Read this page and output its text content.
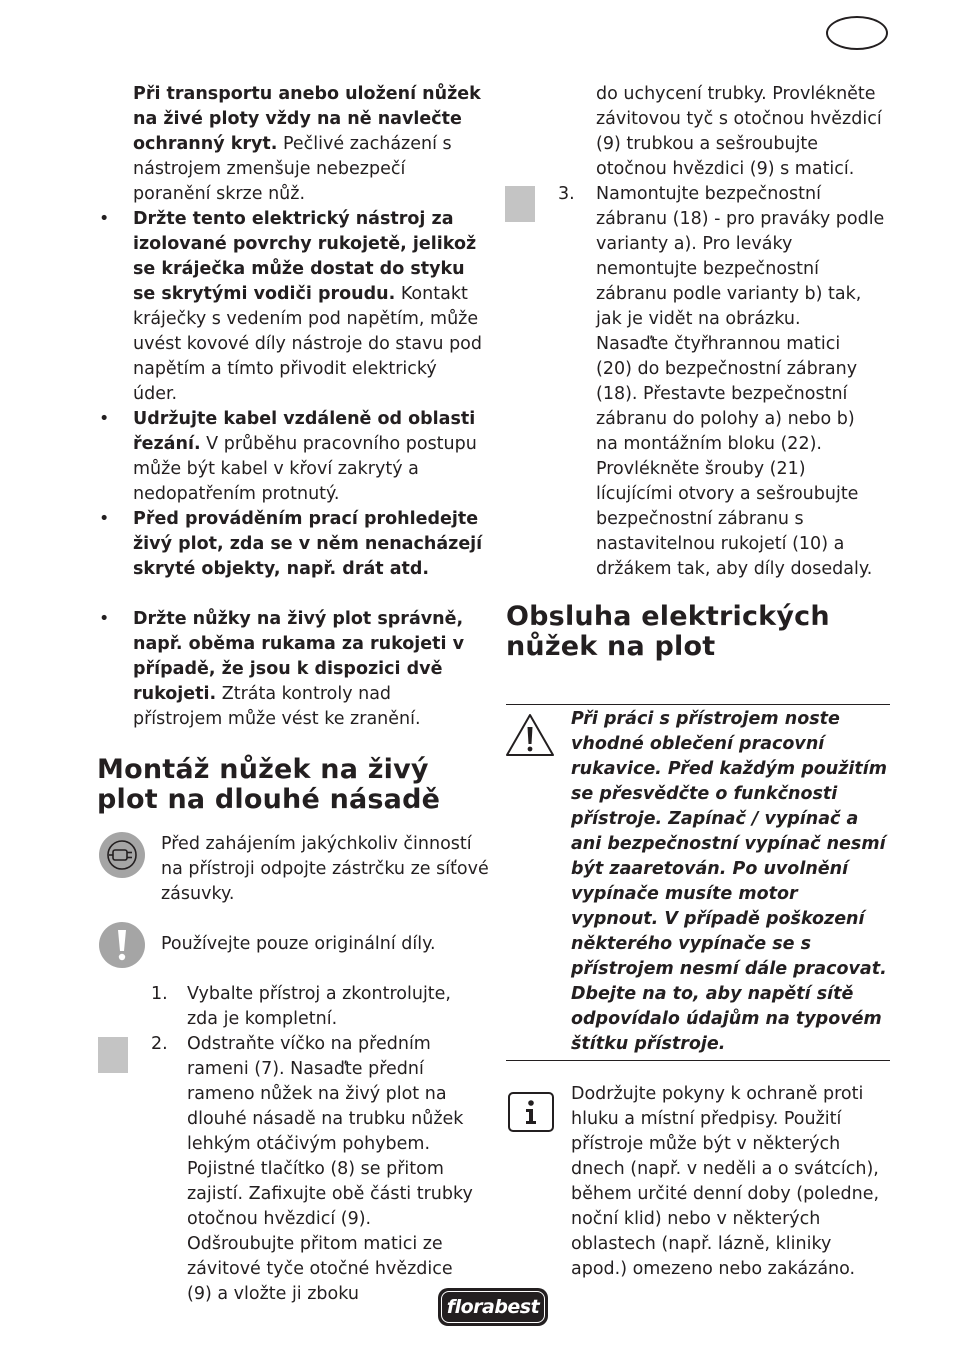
Při transportu anebo uložení nůžek na živé ploty vždy na ně navlečte ochranný kryt. Pečlivé zacházení s nástrojem zmenšuje nebezpečí poranění skrze nůž.
• Držte tento elektrický nástroj za izolované povrchy rukojetě, jelikož se kráječka může dostat do styku se skrytými vodiči proudu. Kontakt kráječky s vedením pod napětím, může uvést kovové díly nástroje do stavu pod napětím a tímto přivodit elektrický úder.
• Udržujte kabel vzdáleně od oblasti řezání. V průběhu pracovního postupu může být kabel v křoví zakrytý a nedopatřením protnutý.
• Před prováděním prací prohledejte živý plot, zda se v něm nenacházejí skryté objekty, např. drát atd.
• Držte nůžky na živý plot správně, např. oběma rukama za rukojeti v případě, že jsou k dispozici dvě rukojeti. Ztráta kontroly nad přístrojem může vést ke zranění.
Montáž nůžek na živý plot na dlouhé násadě
Před zahájením jakýchkoliv činností na přístroji odpojte zástrčku ze síťové zásuvky.
Používejte pouze originální díly.
1. Vybalte přístroj a zkontrolujte, zda je kompletní.
2. Odstraňte víčko na předním rameni (7). Nasaďte přední rameno nůžek na živý plot na dlouhé násadě na trubku nůžek lehkým otáčivým pohybem. Pojistné tlačítko (8) se přitom zajistí. Zafixujte obě části trubky otočnou hvězdicí (9). Odšroubujte přitom matici ze závitové tyče otočné hvězdice (9) a vložte ji zboku
do uchycení trubky. Provlékněte závitovou tyč s otočnou hvězdicí (9) trubkou a sešroubujte otočnou hvězdici (9) s maticí.
3. Namontujte bezpečnostní zábranu (18) - pro praváky podle varianty a). Pro leváky nemontujte bezpečnostní zábranu podle varianty b) tak, jak je vidět na obrázku.
Nasaďte čtyřhrannou matici (20) do bezpečnostní zábrany (18). Přestavte bezpečnostní zábranu do polohy a) nebo b) na montážním bloku (22). Provlékněte šrouby (21) lícujícími otvory a sešroubujte bezpečnostní zábranu s nastavitelnou rukojetí (10) a držákem tak, aby díly dosedaly.
Obsluha elektrických nůžek na plot
Při práci s přístrojem noste vhodné oblečení pracovní rukavice. Před každým použitím se přesvědčte o funkčnosti přístroje. Zapínač / vypínač a ani bezpečnostní vypínač nesmí být zaaretován. Po uvolnění vypínače musíte motor vypnout. V případě poškození některého vypínače se s přístrojem nesmí dále pracovat. Dbejte na to, aby napětí sítě odpovídalo údajům na typovém štítku přístroje.
Dodržujte pokyny k ochraně proti hluku a místní předpisy. Použití přístroje může být v některých dnech (např. v neděli a o svátcích), během určité denní doby (poledne, noční klid) nebo v některých oblastech (např. lázně, kliniky apod.) omezeno nebo zakázáno.
florabest
